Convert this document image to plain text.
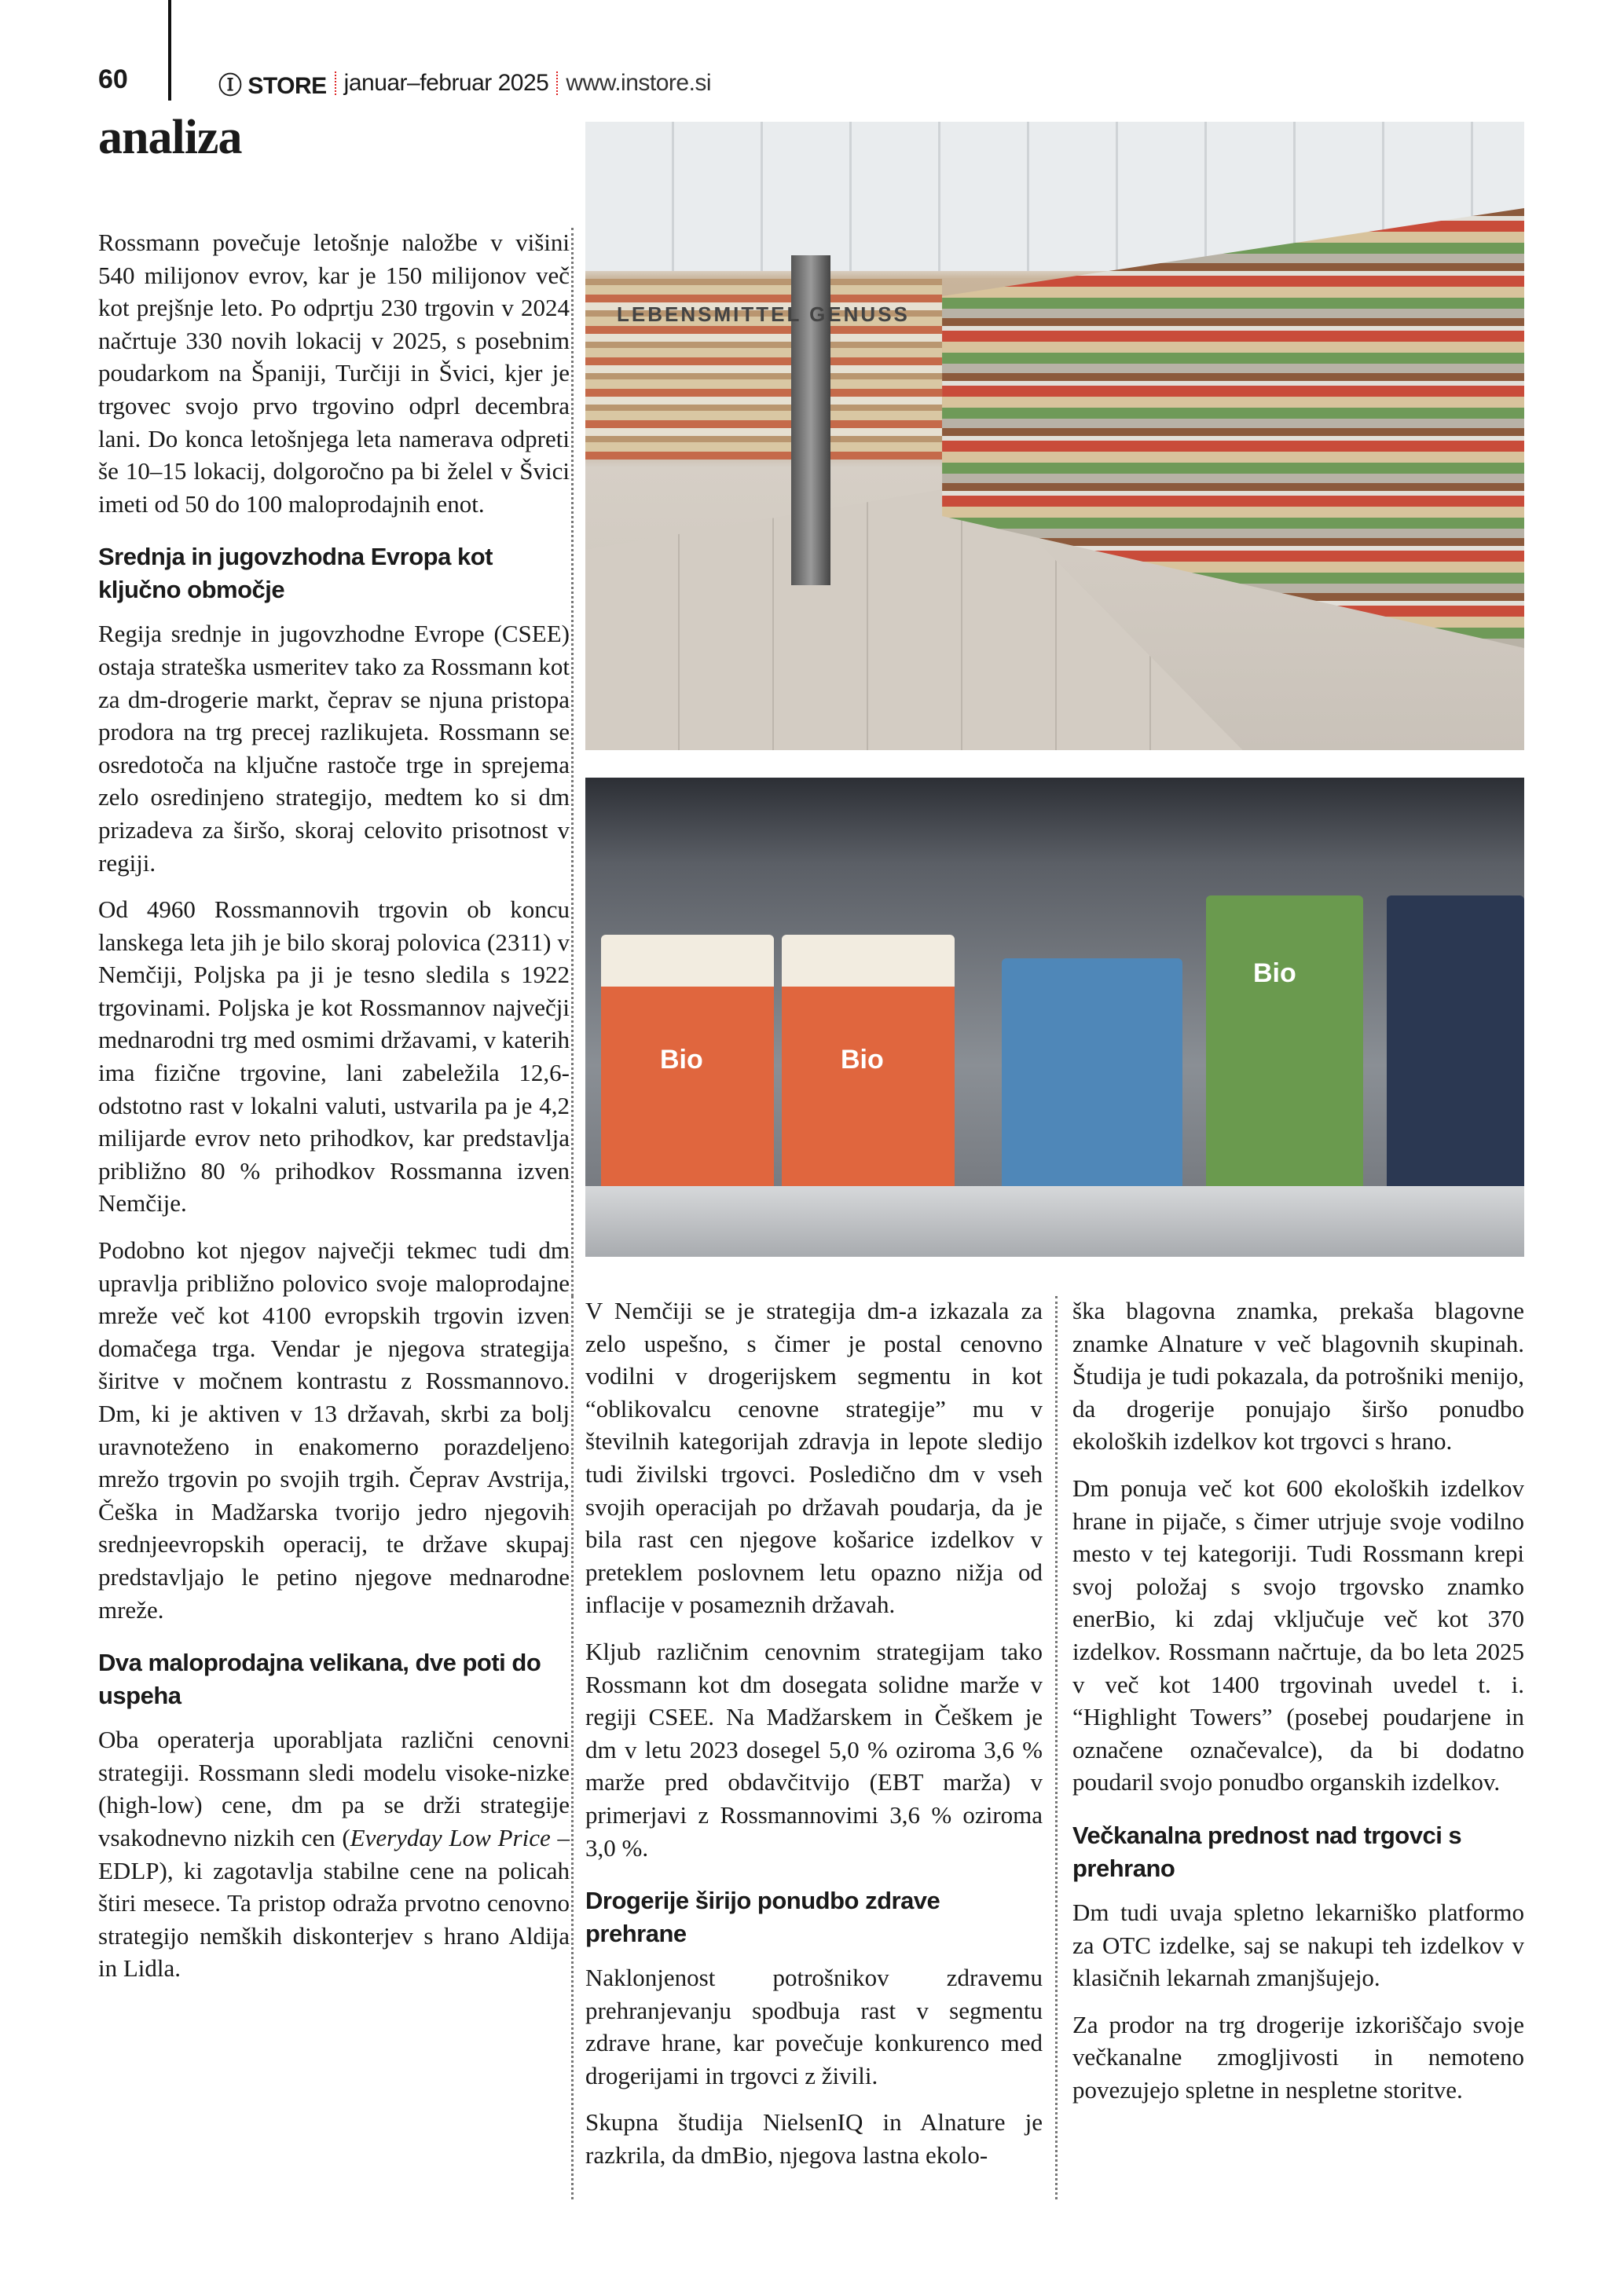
60	Ⓘ STORE januar–februar 2025 www.instore.si
analiza

Rossmann povečuje letošnje naložbe v višini 540 milijonov evrov, kar je 150 milijonov več kot prejšnje leto. Po odprtju 230 trgovin v 2024 načrtuje 330 novih lokacij v 2025, s posebnim poudarkom na Španiji, Turčiji in Švici, kjer je trgovec svojo prvo trgovino odprl decembra lani. Do konca letošnjega leta namerava odpreti še 10–15 lokacij, dolgoročno pa bi želel v Švici imeti od 50 do 100 maloprodajnih enot.

Srednja in jugovzhodna Evropa kot ključno območje

Regija srednje in jugovzhodne Evrope (CSEE) ostaja strateška usmeritev tako za Rossmann kot za dm-drogerie markt, čeprav se njuna pristopa prodora na trg precej razlikujeta. Rossmann se osredotoča na ključne rastoče trge in sprejema zelo osredinjeno strategijo, medtem ko si dm prizadeva za širšo, skoraj celovito prisotnost v regiji.

Od 4960 Rossmannovih trgovin ob koncu lanskega leta jih je bilo skoraj polovica (2311) v Nemčiji, Poljska pa ji je tesno sledila s 1922 trgovinami. Poljska je kot Rossmannov največji mednarodni trg med osmimi državami, v katerih ima fizične trgovine, lani zabeležila 12,6-odstotno rast v lokalni valuti, ustvarila pa je 4,2 milijarde evrov neto prihodkov, kar predstavlja približno 80 % prihodkov Rossmanna izven Nemčije.

Podobno kot njegov največji tekmec tudi dm upravlja približno polovico svoje maloprodajne mreže več kot 4100 evropskih trgovin izven domačega trga. Vendar je njegova strategija širitve v močnem kontrastu z Rossmannovo. Dm, ki je aktiven v 13 državah, skrbi za bolj uravnoteženo in enakomerno porazdeljeno mrežo trgovin po svojih trgih. Čeprav Avstrija, Češka in Madžarska tvorijo jedro njegovih srednjeevropskih operacij, te države skupaj predstavljajo le petino njegove mednarodne mreže.

Dva maloprodajna velikana, dve poti do uspeha

Oba operaterja uporabljata različni cenovni strategiji. Rossmann sledi modelu visoke-nizke (high-low) cene, dm pa se drži strategije vsakodnevno nizkih cen (Everyday Low Price – EDLP), ki zagotavlja stabilne cene na policah štiri mesece. Ta pristop odraža prvotno cenovno strategijo nemških diskonterjev s hrano Aldija in Lidla.

LEBENSMITTEL GENUSS
Bio	Bio
Bio

V Nemčiji se je strategija dm-a izkazala za zelo uspešno, s čimer je postal cenovno vodilni v drogerijskem segmentu in kot “oblikovalcu cenovne strategije” mu v številnih kategorijah zdravja in lepote sledijo tudi živilski trgovci. Posledično dm v vseh svojih operacijah po državah poudarja, da je bila rast cen njegove košarice izdelkov v preteklem poslovnem letu opazno nižja od inflacije v posameznih državah.

Kljub različnim cenovnim strategijam tako Rossmann kot dm dosegata solidne marže v regiji CSEE. Na Madžarskem in Češkem je dm v letu 2023 dosegel 5,0 % oziroma 3,6 % marže pred obdavčitvijo (EBT marža) v primerjavi z Rossmannovimi 3,6 % oziroma 3,0 %.

Drogerije širijo ponudbo zdrave prehrane

Naklonjenost potrošnikov zdravemu prehranjevanju spodbuja rast v segmentu zdrave hrane, kar povečuje konkurenco med drogerijami in trgovci z živili.

Skupna študija NielsenIQ in Alnature je razkrila, da dmBio, njegova lastna ekolo-

ška blagovna znamka, prekaša blagovne znamke Alnature v več blagovnih skupinah. Študija je tudi pokazala, da potrošniki menijo, da drogerije ponujajo širšo ponudbo ekoloških izdelkov kot trgovci s hrano.

Dm ponuja več kot 600 ekoloških izdelkov hrane in pijače, s čimer utrjuje svoje vodilno mesto v tej kategoriji. Tudi Rossmann krepi svoj položaj s svojo trgovsko znamko enerBio, ki zdaj vključuje več kot 370 izdelkov. Rossmann načrtuje, da bo leta 2025 v več kot 1400 trgovinah uvedel t. i. “Highlight Towers” (posebej poudarjene in označene označevalce), da bi dodatno poudaril svojo ponudbo organskih izdelkov.

Večkanalna prednost nad trgovci s prehrano

Dm tudi uvaja spletno lekarniško platformo za OTC izdelke, saj se nakupi teh izdelkov v klasičnih lekarnah zmanjšujejo.

Za prodor na trg drogerije izkoriščajo svoje večkanalne zmogljivosti in nemoteno povezujejo spletne in nespletne storitve.
